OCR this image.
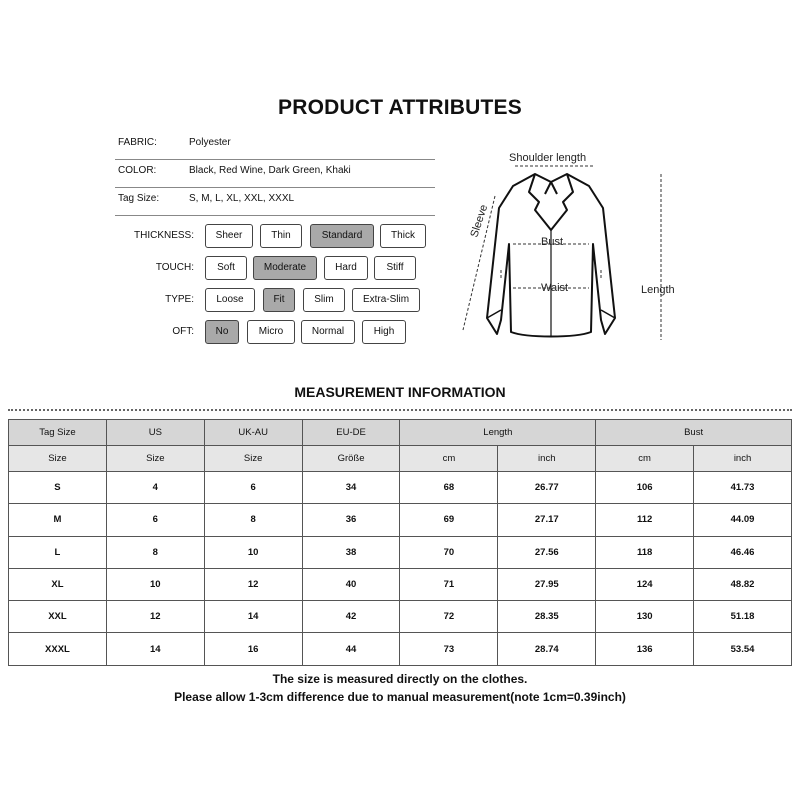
PRODUCT ATTRIBUTES
FABRIC:	Polyester
COLOR:	Black, Red Wine, Dark Green, Khaki
Tag Size:	S, M, L, XL, XXL, XXXL
THICKNESS:	Sheer	Thin	Standard	Thick
TOUCH:	Soft	Moderate	Hard	Stiff
TYPE:	Loose	Fit	Slim	Extra-Slim
OFT:	No	Micro	Normal	High
Shoulder length
Sleeve
Bust
Waist	Length
MEASUREMENT INFORMATION
Tag Size	US	UK-AU	EU-DE	Length		Bust	
Size	Size	Size	Größe	cm	inch	cm	inch
S	4	6	34	68	26.77	106	41.73
M	6	8	36	69	27.17	112	44.09
L	8	10	38	70	27.56	118	46.46
XL	10	12	40	71	27.95	124	48.82
XXL	12	14	42	72	28.35	130	51.18
XXXL	14	16	44	73	28.74	136	53.54
The size is measured directly on the clothes.
Please allow 1-3cm difference due to manual measurement(note 1cm=0.39inch)
